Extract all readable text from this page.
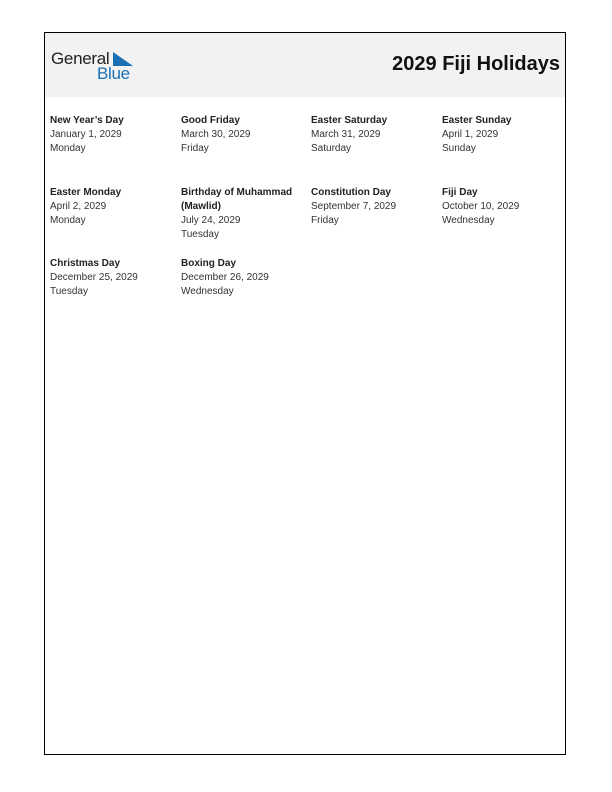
General
Blue	2029 Fiji Holidays
New Year’s Day
January 1, 2029
Monday
Good Friday
March 30, 2029
Friday
Easter Saturday
March 31, 2029
Saturday
Easter Sunday
April 1, 2029
Sunday
Easter Monday
April 2, 2029
Monday
Birthday of Muhammad (Mawlid)
July 24, 2029
Tuesday
Constitution Day
September 7, 2029
Friday
Fiji Day
October 10, 2029
Wednesday
Christmas Day
December 25, 2029
Tuesday
Boxing Day
December 26, 2029
Wednesday
